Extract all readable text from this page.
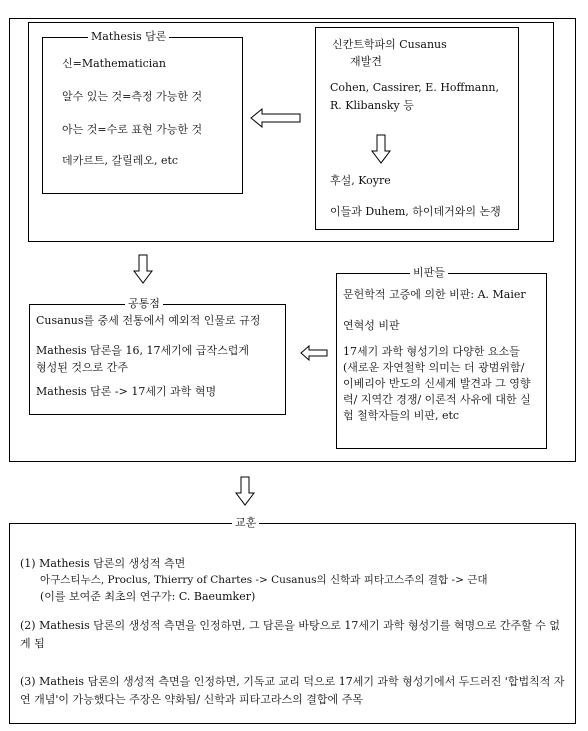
Mathesis 담론
신=Mathematician
알수 있는 것=측정 가능한 것
아는 것=수로 표현 가능한 것
데카르트, 갈릴레오, etc
신칸트학파의 Cusanus
재발견
Cohen, Cassirer, E. Hoffmann,
R. Klibansky 등
후설, Koyre
이들과 Duhem, 하이데거와의 논쟁
공통점
Cusanus를 중세 전통에서 예외적 인물로 규정
Mathesis 담론을 16, 17세기에 급작스럽게
형성된 것으로 간주
Mathesis 담론 -> 17세기 과학 혁명
비판들
문헌학적 고증에 의한 비판: A. Maier
연혁성 비판
17세기 과학 형성기의 다양한 요소들 (새로운 자연철학 의미는 더 광범위함/ 이베리아 반도의 신세계 발견과 그 영향력/ 지역간 경쟁/ 이론적 사유에 대한 실험 철학자들의 비판, etc
교훈
(1) Mathesis 담론의 생성적 측면
아구스티누스, Proclus, Thierry of Chartes -> Cusanus의 신학과 피타고스주의 결합 -> 근대
(이를 보여준 최초의 연구가: C. Baeumker)
(2) Mathesis 담론의 생성적 측면을 인정하면, 그 담론을 바탕으로 17세기 과학 형성기를 혁명으로 간주할 수 없게 됨
(3) Matheis 담론의 생성적 측면을 인정하면, 기독교 교리 덕으로 17세기 과학 형성기에서 두드러진 '합법칙적 자연 개념'이 가능했다는 주장은 약화됨/ 신학과 피타고라스의 결합에 주목
